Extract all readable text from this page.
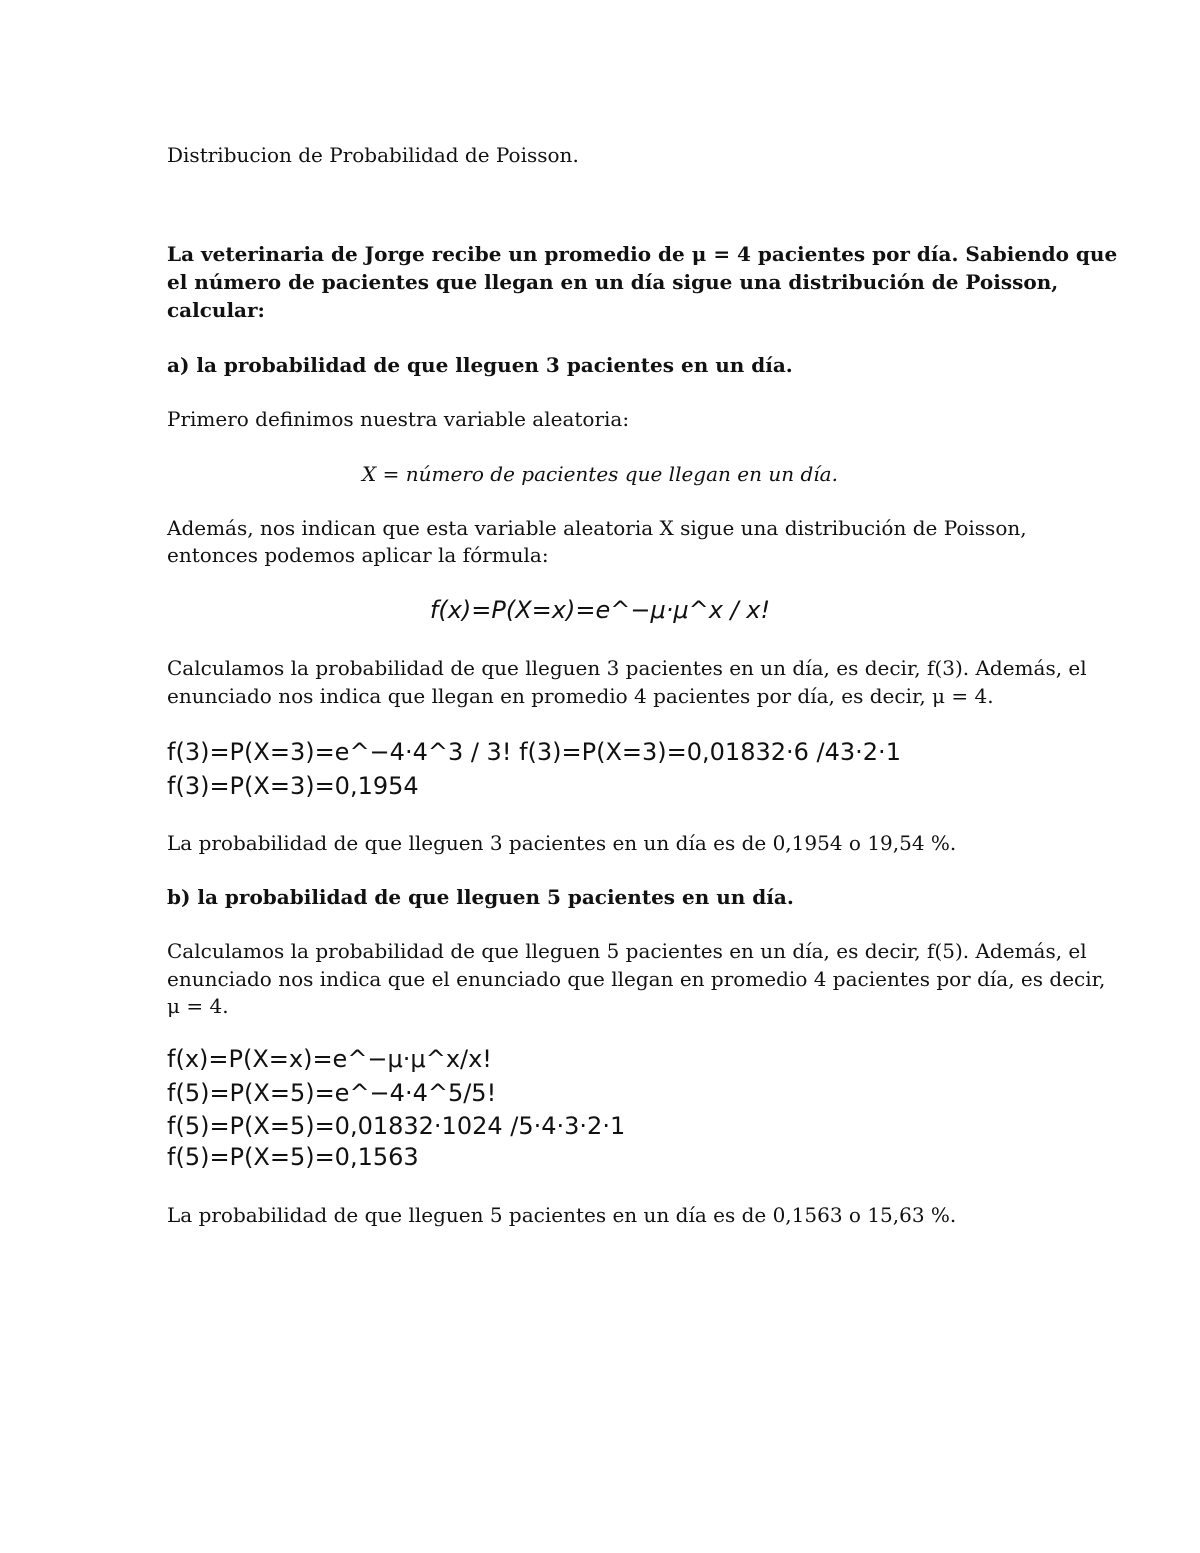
Distribucion de Probabilidad de Poisson.
La veterinaria de Jorge recibe un promedio de μ = 4 pacientes por día. Sabiendo que
el número de pacientes que llegan en un día sigue una distribución de Poisson,
calcular:
a) la probabilidad de que lleguen 3 pacientes en un día.
Primero definimos nuestra variable aleatoria:
X = número de pacientes que llegan en un día.
Además, nos indican que esta variable aleatoria X sigue una distribución de Poisson,
entonces podemos aplicar la fórmula:
f(x)=P(X=x)=e^−μ·μ^x / x!
Calculamos la probabilidad de que lleguen 3 pacientes en un día, es decir, f(3). Además, el
enunciado nos indica que llegan en promedio 4 pacientes por día, es decir, μ = 4.
f(3)=P(X=3)=e^−4·4^3 / 3! f(3)=P(X=3)=0,01832·6 /43·2·1
f(3)=P(X=3)=0,1954
La probabilidad de que lleguen 3 pacientes en un día es de 0,1954 o 19,54 %.
b) la probabilidad de que lleguen 5 pacientes en un día.
Calculamos la probabilidad de que lleguen 5 pacientes en un día, es decir, f(5). Además, el
enunciado nos indica que el enunciado que llegan en promedio 4 pacientes por día, es decir,
μ = 4.
f(x)=P(X=x)=e^−μ·μ^x/x!
f(5)=P(X=5)=e^−4·4^5/5!
f(5)=P(X=5)=0,01832·1024 /5·4·3·2·1
f(5)=P(X=5)=0,1563
La probabilidad de que lleguen 5 pacientes en un día es de 0,1563 o 15,63 %.
